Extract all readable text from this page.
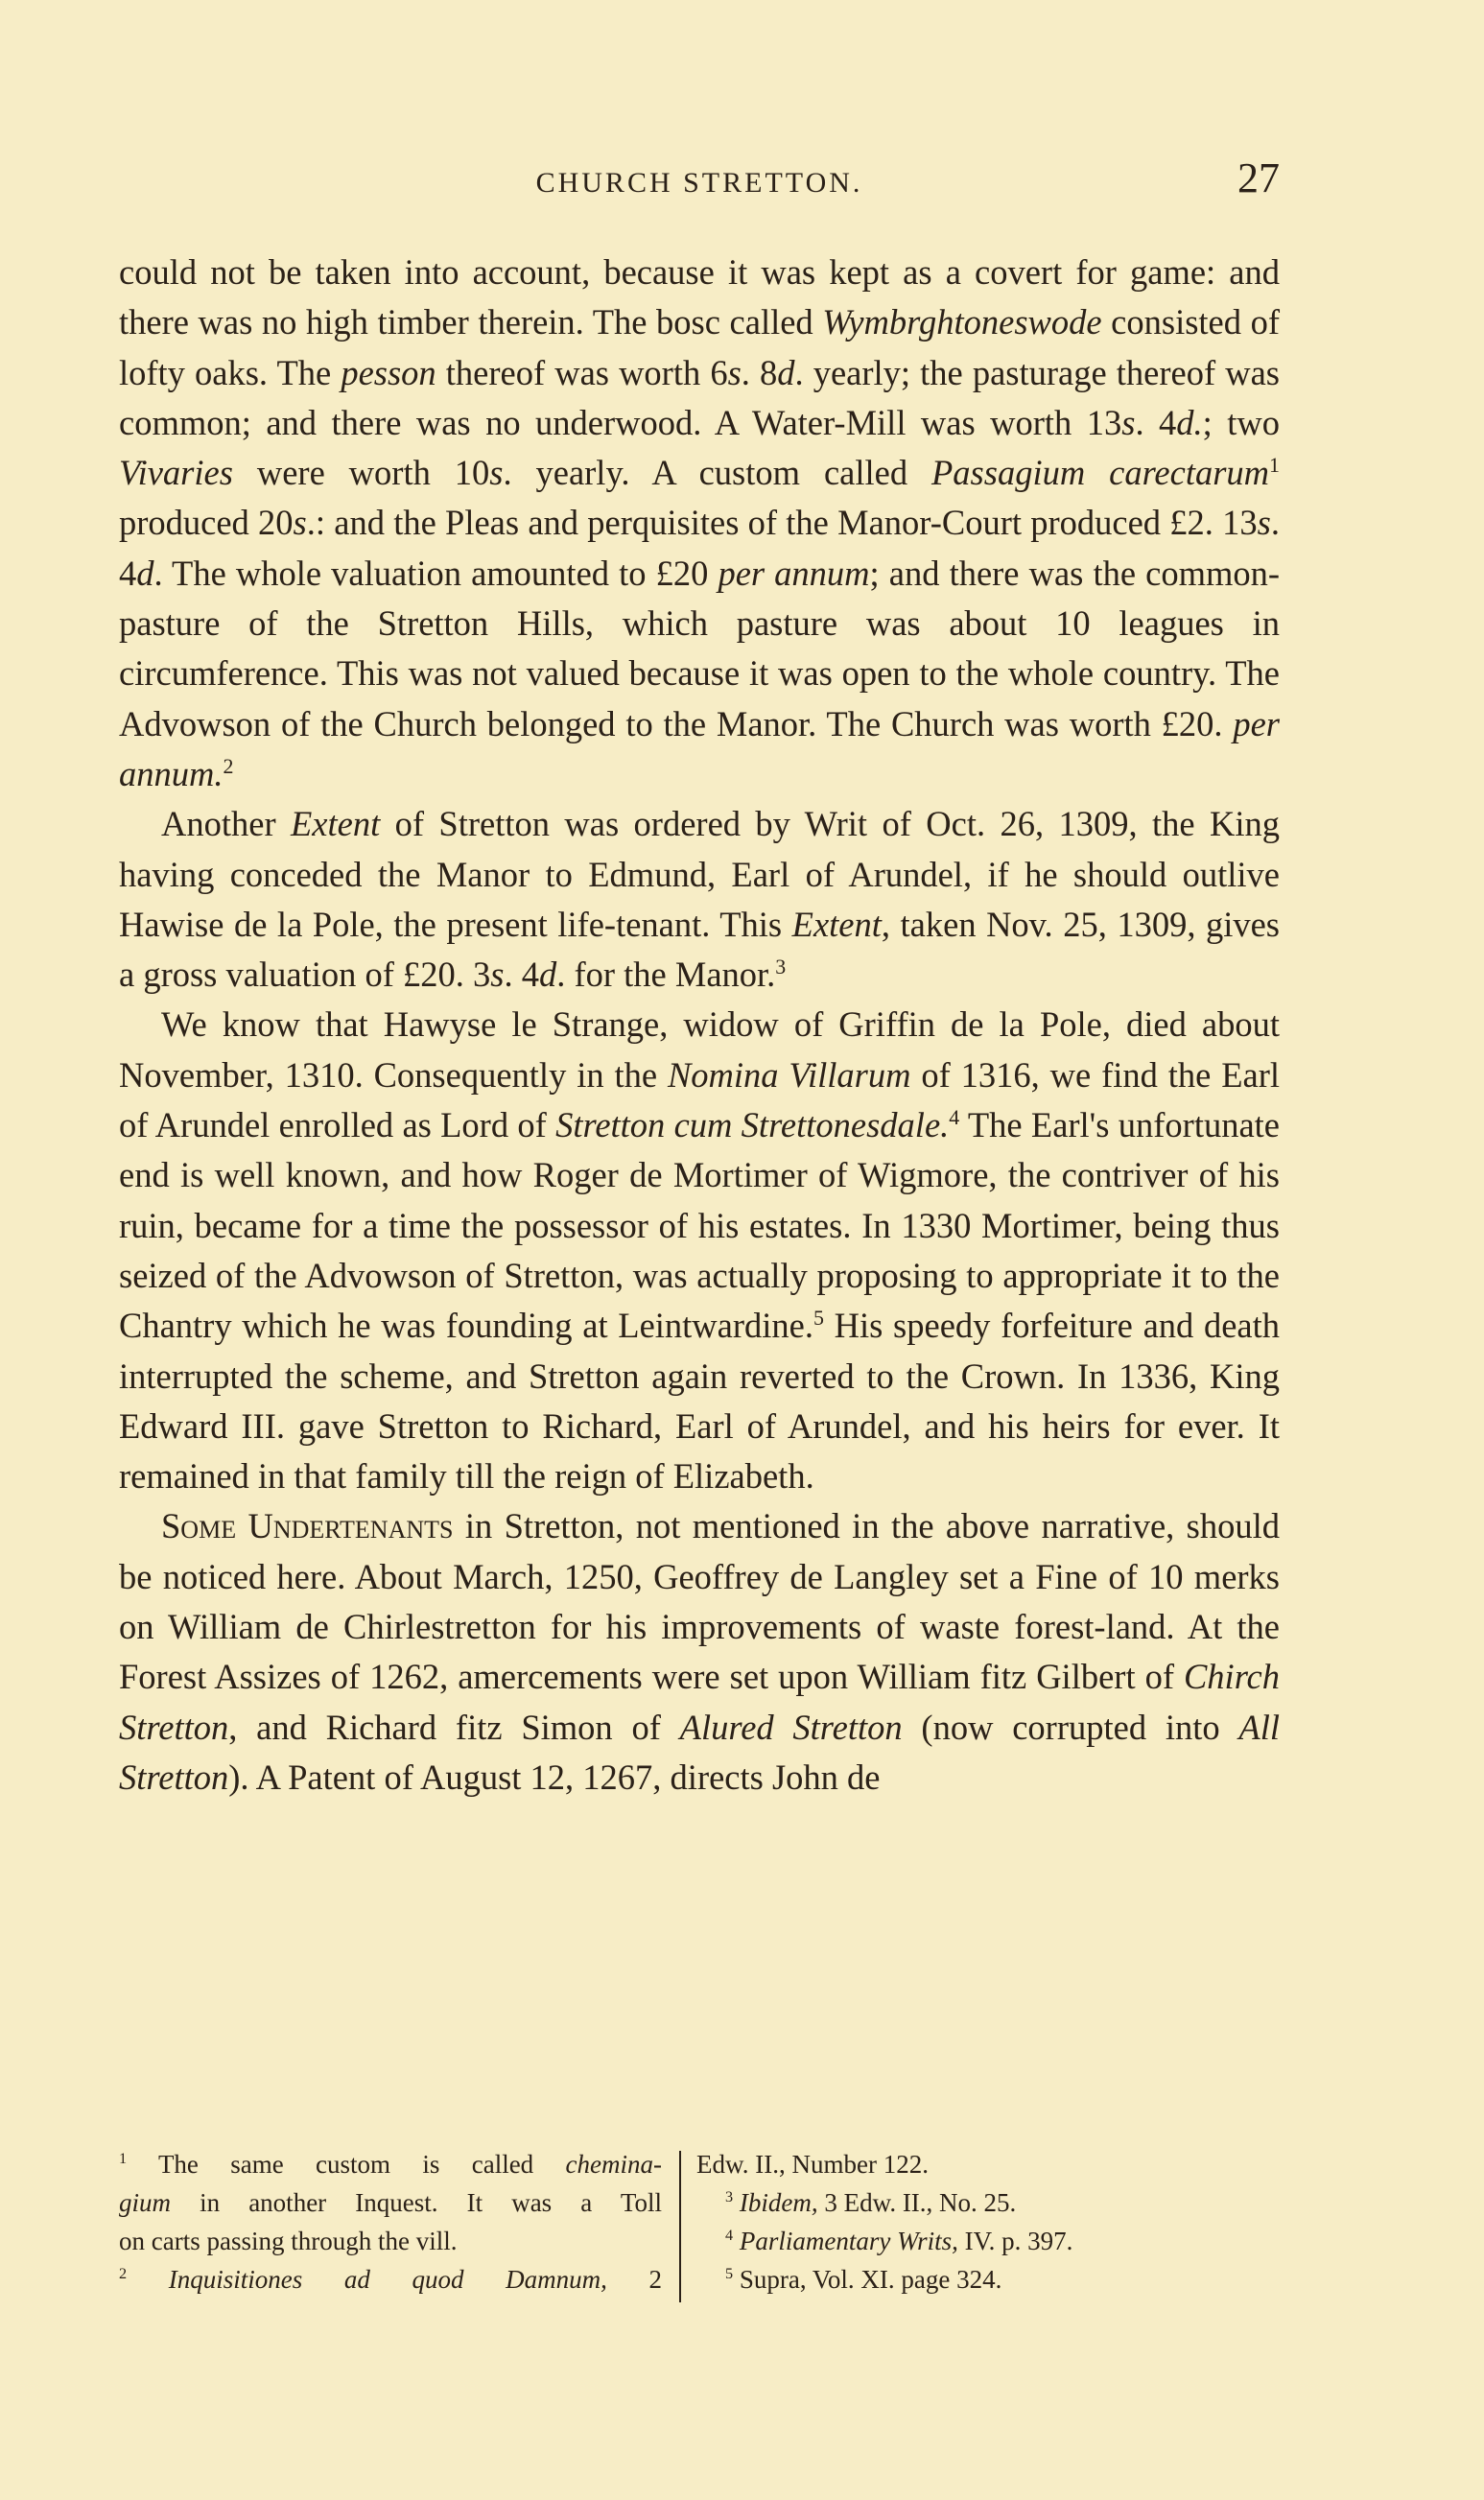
CHURCH STRETTON.	27

could not be taken into account, because it was kept as a covert for game: and there was no high timber therein. The bosc called Wymbrghtoneswode consisted of lofty oaks. The pesson thereof was worth 6s. 8d. yearly; the pasturage thereof was common; and there was no underwood. A Water-Mill was worth 13s. 4d.; two Vivaries were worth 10s. yearly. A custom called Passagium carectarum$^1$ produced 20s.: and the Pleas and perquisites of the Manor-Court produced £2. 13s. 4d. The whole valuation amounted to £20 per annum; and there was the common-pasture of the Stretton Hills, which pasture was about 10 leagues in circumference. This was not valued because it was open to the whole country. The Advowson of the Church belonged to the Manor. The Church was worth £20. per annum.$^2$

Another Extent of Stretton was ordered by Writ of Oct. 26, 1309, the King having conceded the Manor to Edmund, Earl of Arundel, if he should outlive Hawise de la Pole, the present life-tenant. This Extent, taken Nov. 25, 1309, gives a gross valuation of £20. 3s. 4d. for the Manor.$^3$

We know that Hawyse le Strange, widow of Griffin de la Pole, died about November, 1310. Consequently in the Nomina Villarum of 1316, we find the Earl of Arundel enrolled as Lord of Stretton cum Strettonesdale.$^4$ The Earl's unfortunate end is well known, and how Roger de Mortimer of Wigmore, the contriver of his ruin, became for a time the possessor of his estates. In 1330 Mortimer, being thus seized of the Advowson of Stretton, was actually proposing to appropriate it to the Chantry which he was founding at Leintwardine.$^5$ His speedy forfeiture and death interrupted the scheme, and Stretton again reverted to the Crown. In 1336, King Edward III. gave Stretton to Richard, Earl of Arundel, and his heirs for ever. It remained in that family till the reign of Elizabeth.

Some Undertenants in Stretton, not mentioned in the above narrative, should be noticed here. About March, 1250, Geoffrey de Langley set a Fine of 10 merks on William de Chirlestretton for his improvements of waste forest-land. At the Forest Assizes of 1262, amercements were set upon William fitz Gilbert of Chirch Stretton, and Richard fitz Simon of Alured Stretton (now corrupted into All Stretton). A Patent of August 12, 1267, directs John de

$^1$ The same custom is called chemina-
gium in another Inquest. It was a Toll
on carts passing through the vill.
$^2$ Inquisitiones ad quod Damnum, 2
Edw. II., Number 122.
$^3$ Ibidem, 3 Edw. II., No. 25.
$^4$ Parliamentary Writs, IV. p. 397.
$^5$ Supra, Vol. XI. page 324.
